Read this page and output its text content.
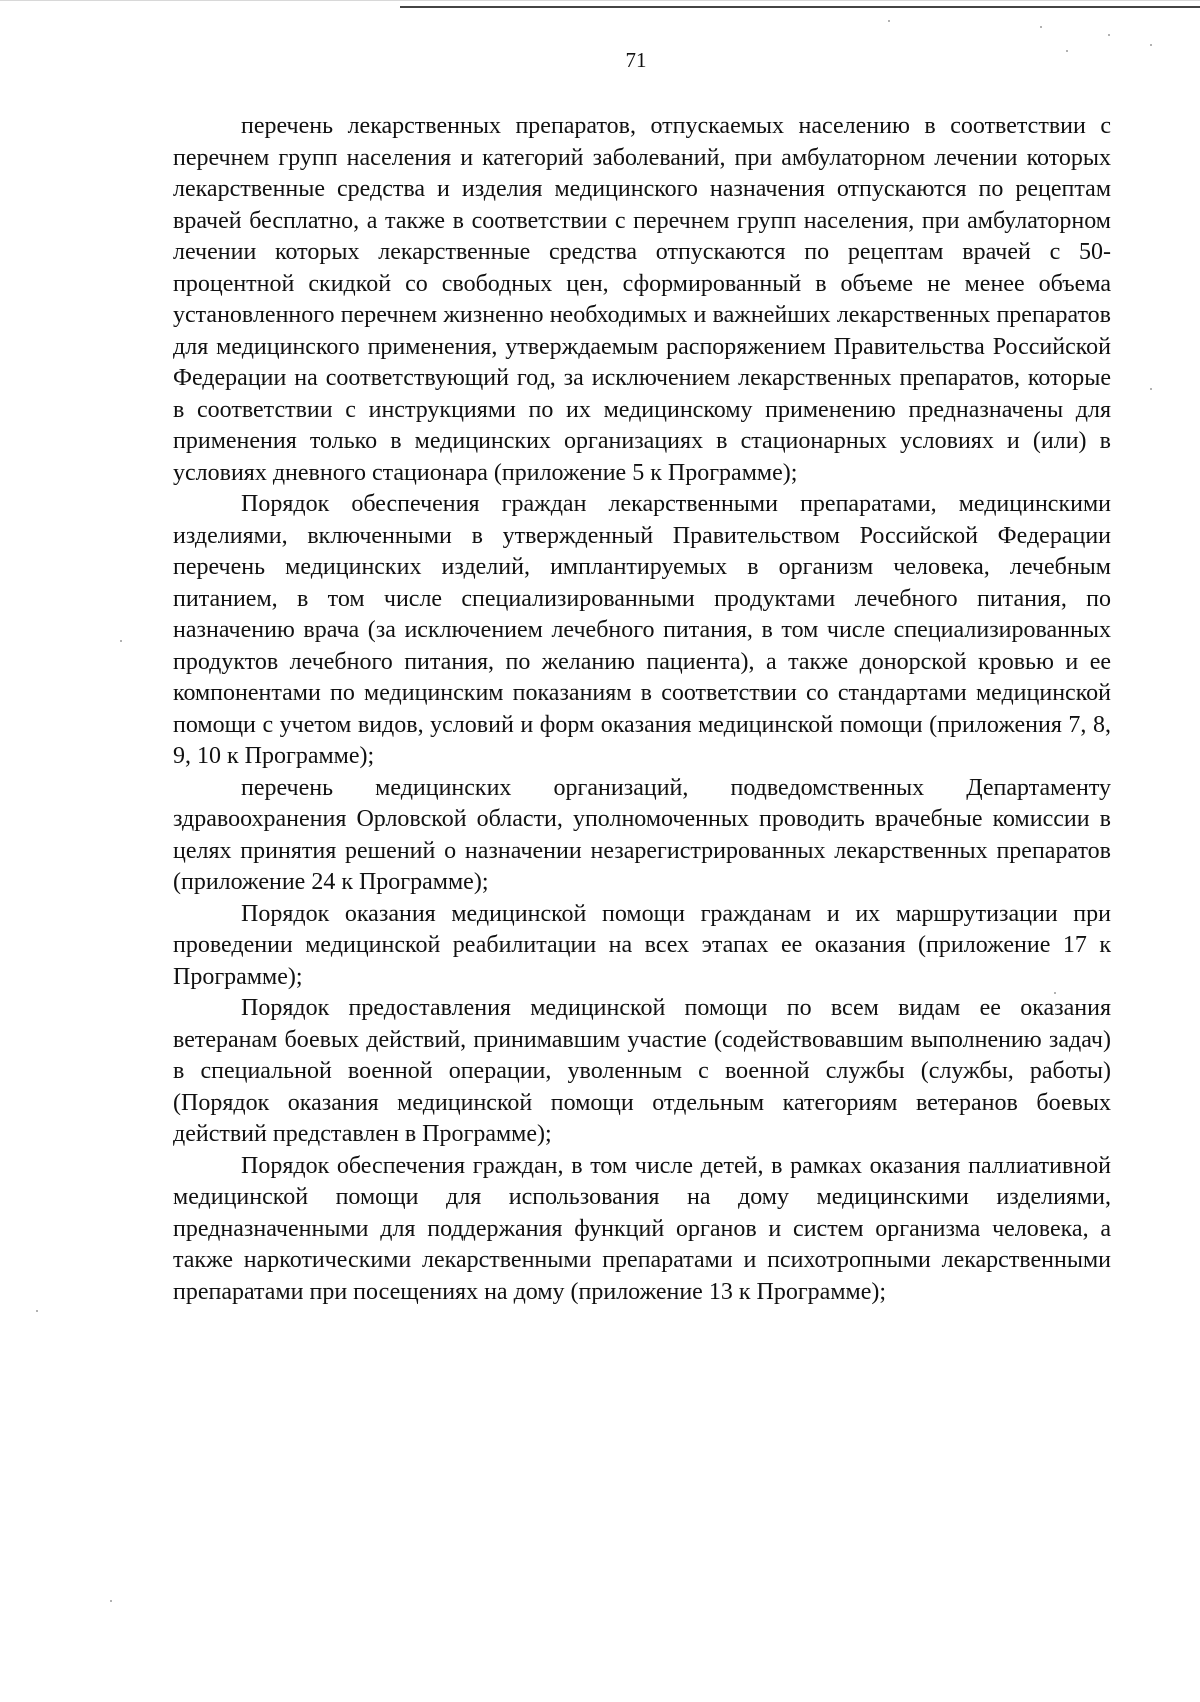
71

перечень лекарственных препаратов, отпускаемых населению в соответствии с перечнем групп населения и категорий заболеваний, при амбулаторном лечении которых лекарственные средства и изделия медицинского назначения отпускаются по рецептам врачей бесплатно, а также в соответствии с перечнем групп населения, при амбулаторном лечении которых лекарственные средства отпускаются по рецептам врачей с 50-процентной скидкой со свободных цен, сформированный в объеме не менее объема установленного перечнем жизненно необходимых и важнейших лекарственных препаратов для медицинского применения, утверждаемым распоряжением Правительства Российской Федерации на соответствующий год, за исключением лекарственных препаратов, которые в соответствии с инструкциями по их медицинскому применению предназначены для применения только в медицинских организациях в стационарных условиях и (или) в условиях дневного стационара (приложение 5 к Программе);

Порядок обеспечения граждан лекарственными препаратами, медицинскими изделиями, включенными в утвержденный Правительством Российской Федерации перечень медицинских изделий, имплантируемых в организм человека, лечебным питанием, в том числе специализированными продуктами лечебного питания, по назначению врача (за исключением лечебного питания, в том числе специализированных продуктов лечебного питания, по желанию пациента), а также донорской кровью и ее компонентами по медицинским показаниям в соответствии со стандартами медицинской помощи с учетом видов, условий и форм оказания медицинской помощи (приложения 7, 8, 9, 10 к Программе);

перечень медицинских организаций, подведомственных Департаменту здравоохранения Орловской области, уполномоченных проводить врачебные комиссии в целях принятия решений о назначении незарегистрированных лекарственных препаратов (приложение 24 к Программе);

Порядок оказания медицинской помощи гражданам и их маршрутизации при проведении медицинской реабилитации на всех этапах ее оказания (приложение 17 к Программе);

Порядок предоставления медицинской помощи по всем видам ее оказания ветеранам боевых действий, принимавшим участие (содействовавшим выполнению задач) в специальной военной операции, уволенным с военной службы (службы, работы) (Порядок оказания медицинской помощи отдельным категориям ветеранов боевых действий представлен в Программе);

Порядок обеспечения граждан, в том числе детей, в рамках оказания паллиативной медицинской помощи для использования на дому медицинскими изделиями, предназначенными для поддержания функций органов и систем организма человека, а также наркотическими лекарственными препаратами и психотропными лекарственными препаратами при посещениях на дому (приложение 13 к Программе);
